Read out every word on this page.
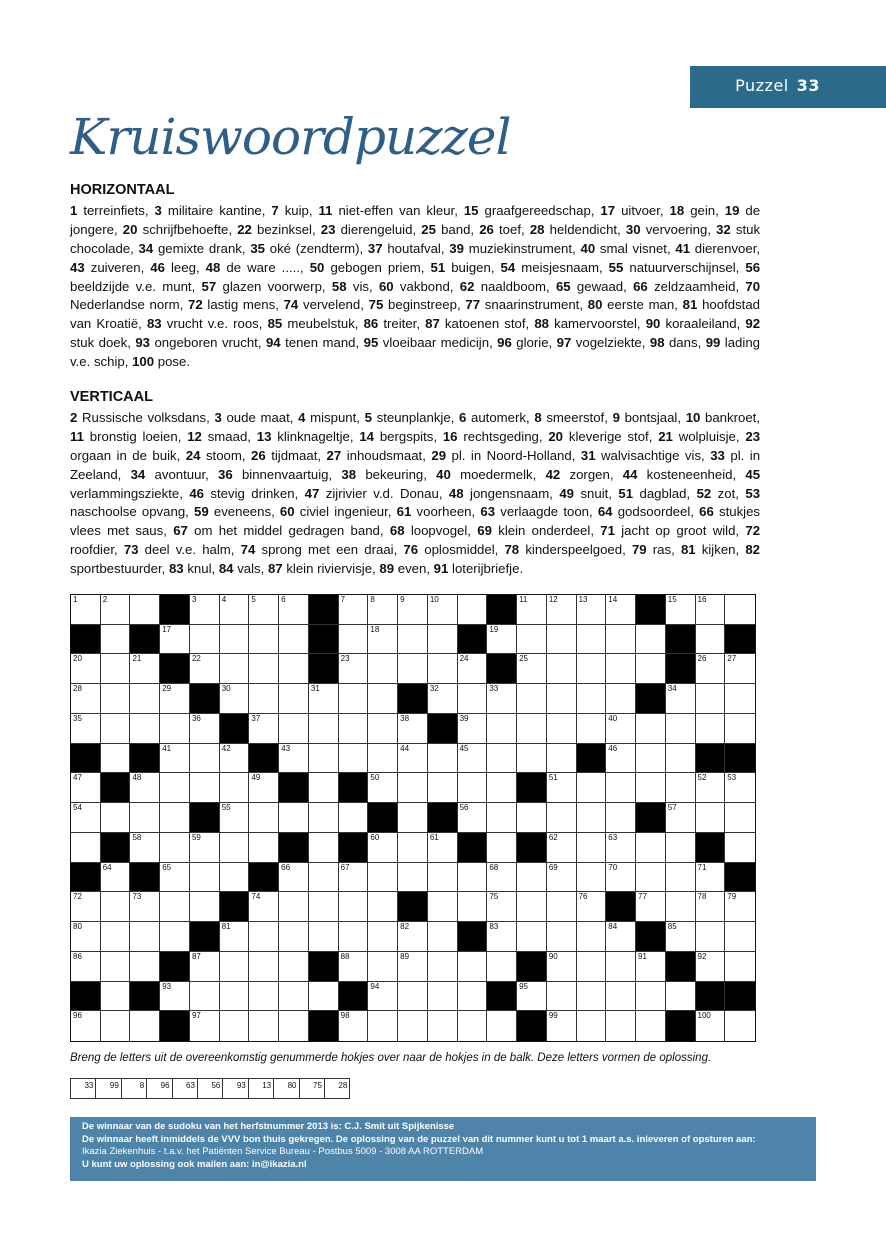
Puzzel 33
Kruiswoordpuzzel
HORIZONTAAL
1 terreinfiets, 3 militaire kantine, 7 kuip, 11 niet-effen van kleur, 15 graafgereedschap, 17 uitvoer, 18 gein, 19 de jongere, 20 schrijfbehoefte, 22 bezinksel, 23 dierengeluid, 25 band, 26 toef, 28 heldendicht, 30 vervoering, 32 stuk chocolade, 34 gemixte drank, 35 oké (zendterm), 37 houtafval, 39 muziekinstrument, 40 smal visnet, 41 dierenvoer, 43 zuiveren, 46 leeg, 48 de ware ....., 50 gebogen priem, 51 buigen, 54 meisjesnaam, 55 natuurverschijnsel, 56 beeldzijde v.e. munt, 57 glazen voorwerp, 58 vis, 60 vakbond, 62 naaldboom, 65 gewaad, 66 zeldzaamheid, 70 Nederlandse norm, 72 lastig mens, 74 vervelend, 75 beginstreep, 77 snaarinstrument, 80 eerste man, 81 hoofdstad van Kroatië, 83 vrucht v.e. roos, 85 meubelstuk, 86 treiter, 87 katoenen stof, 88 kamervoorstel, 90 koraaleiland, 92 stuk doek, 93 ongeboren vrucht, 94 tenen mand, 95 vloeibaar medicijn, 96 glorie, 97 vogelziekte, 98 dans, 99 lading v.e. schip, 100 pose.
VERTICAAL
2 Russische volksdans, 3 oude maat, 4 mispunt, 5 steunplankje, 6 automerk, 8 smeerstof, 9 bontsjaal, 10 bankroet, 11 bronstig loeien, 12 smaad, 13 klinknageltje, 14 bergspits, 16 rechtsgeding, 20 kleverige stof, 21 wolpluisje, 23 orgaan in de buik, 24 stoom, 26 tijdmaat, 27 inhoudsmaat, 29 pl. in Noord-Holland, 31 walvisachtige vis, 33 pl. in Zeeland, 34 avontuur, 36 binnenvaartuig, 38 bekeuring, 40 moedermelk, 42 zorgen, 44 kosteneenheid, 45 verlammingsziekte, 46 stevig drinken, 47 zijrivier v.d. Donau, 48 jongensnaam, 49 snuit, 51 dagblad, 52 zot, 53 naschoolse opvang, 59 eveneens, 60 civiel ingenieur, 61 voorheen, 63 verlaagde toon, 64 godsoordeel, 66 stukjes vlees met saus, 67 om het middel gedragen band, 68 loopvogel, 69 klein onderdeel, 71 jacht op groot wild, 72 roofdier, 73 deel v.e. halm, 74 sprong met een draai, 76 oplosmiddel, 78 kinderspeelgoed, 79 ras, 81 kijken, 82 sportbestuurder, 83 knul, 84 vals, 87 klein riviervisje, 89 even, 91 loterijbriefje.
1	2	3	4	5	6	7	8	9	10	11	12	13	14	15	16
17	18	19
20	21	22	23	24	25	26	27
28	29	30	31	32	33	34
35	36	37	38	39	40
41	42	43	44	45	46
47	48	49	50	51	52	53
54	55	56	57
58	59	60	61	62	63
64	65	66	67	68	69	70	71
72	73	74	75	76	77	78	79
80	81	82	83	84	85
86	87	88	89	90	91	92
93	94	95
96	97	98	99	100
Breng de letters uit de overeenkomstig genummerde hokjes over naar de hokjes in de balk. Deze letters vormen de oplossing.
33 99	8 96 63 56 93 13 80 75 28
De winnaar van de sudoku van het herfstnummer 2013 is: C.J. Smit uit Spijkenisse
De winnaar heeft inmiddels de VVV bon thuis gekregen. De oplossing van de puzzel van dit nummer kunt u tot 1 maart a.s. inleveren of opsturen aan:
Ikazia Ziekenhuis - t.a.v. het Patiënten Service Bureau - Postbus 5009 - 3008 AA ROTTERDAM
U kunt uw oplossing ook mailen aan: in@ikazia.nl
